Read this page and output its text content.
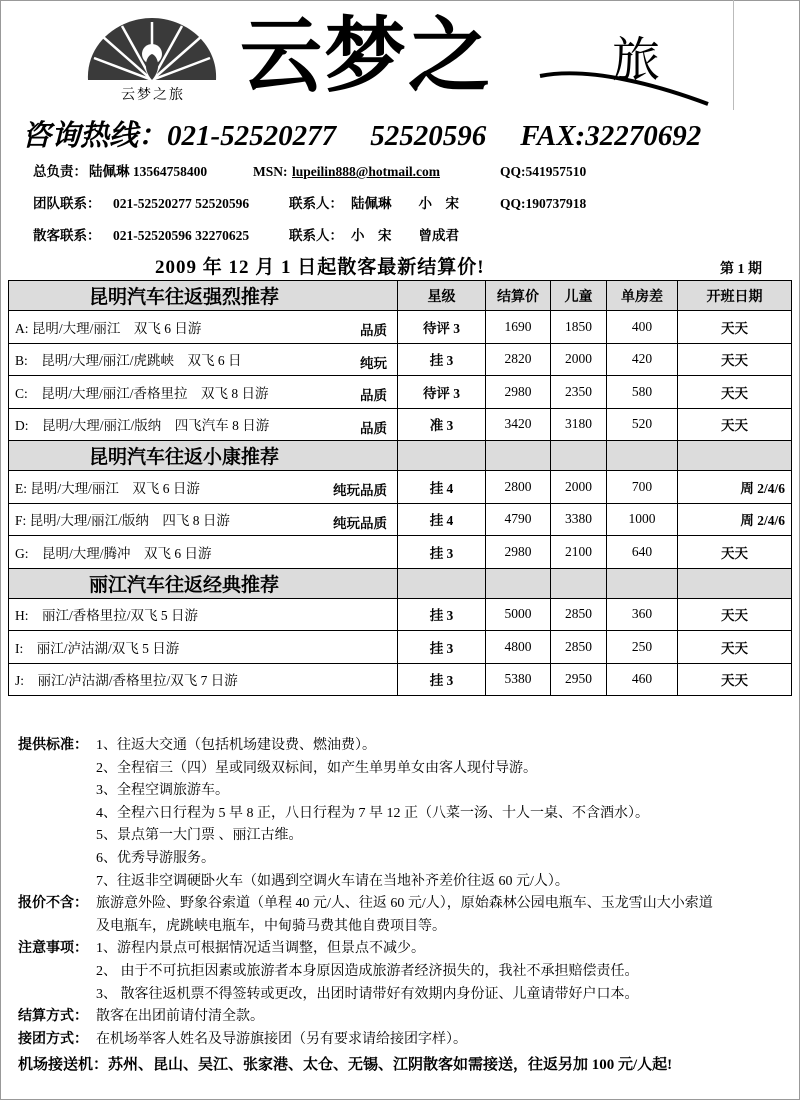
云梦之旅 云梦之 旅
咨询热线：021-52520277 52520596 FAX:32270692
总负责： 陆佩琳 13564758400	MSN: lupeilin888@hotmail.com	QQ:541957510
团队联系： 021-52520277 52520596	联系人： 陆佩琳　　小　宋	QQ:190737918
散客联系： 021-52520596 32270625	联系人： 小　宋　　曾成君
2009 年 12 月 1 日起散客最新结算价!	第 1 期
昆明汽车往返强烈推荐	星级	结算价	儿童	单房差	开班日期
A: 昆明/大理/丽江　双飞 6 日游 品质	待评 3	1690	1850	400	天天
B:　昆明/大理/丽江/虎跳峡　双飞 6 日 纯玩	挂 3	2820	2000	420	天天
C:　昆明/大理/丽江/香格里拉　双飞 8 日游 品质	待评 3	2980	2350	580	天天
D:　昆明/大理/丽江/版纳　四飞汽车 8 日游 品质	准 3	3420	3180	520	天天
昆明汽车往返小康推荐					
E: 昆明/大理/丽江　双飞 6 日游 纯玩品质	挂 4	2800	2000	700	周 2/4/6
F: 昆明/大理/丽江/版纳　四飞 8 日游 纯玩品质	挂 4	4790	3380	1000	周 2/4/6
G:　昆明/大理/腾冲　双飞 6 日游	挂 3	2980	2100	640	天天
丽江汽车往返经典推荐					
H:　丽江/香格里拉/双飞 5 日游	挂 3	5000	2850	360	天天
I:　丽江/泸沽湖/双飞 5 日游	挂 3	4800	2850	250	天天
J:　丽江/泸沽湖/香格里拉/双飞 7 日游	挂 3	5380	2950	460	天天
提供标准： 1、往返大交通（包括机场建设费、燃油费）。
2、全程宿三（四）星或同级双标间，如产生单男单女由客人现付导游。
3、全程空调旅游车。
4、全程六日行程为 5 早 8 正，八日行程为 7 早 12 正（八菜一汤、十人一桌、不含酒水）。
5、景点第一大门票 、丽江古维。
6、优秀导游服务。
7、往返非空调硬卧火车（如遇到空调火车请在当地补齐差价往返 60 元/人）。
报价不含： 旅游意外险、野象谷索道（单程 40 元/人、往返 60 元/人），原始森林公园电瓶车、玉龙雪山大小索道
及电瓶车，虎跳峡电瓶车，中甸骑马费其他自费项目等。
注意事项： 1、游程内景点可根据情况适当调整，但景点不减少。
2、 由于不可抗拒因素或旅游者本身原因造成旅游者经济损失的，我社不承担赔偿责任。
3、 散客往返机票不得签转或更改，出团时请带好有效期内身份证、儿童请带好户口本。
结算方式： 散客在出团前请付清全款。
接团方式： 在机场举客人姓名及导游旗接团（另有要求请给接团字样）。
机场接送机：苏州、昆山、吴江、张家港、太仓、无锡、江阴散客如需接送，往返另加 100 元/人起!
